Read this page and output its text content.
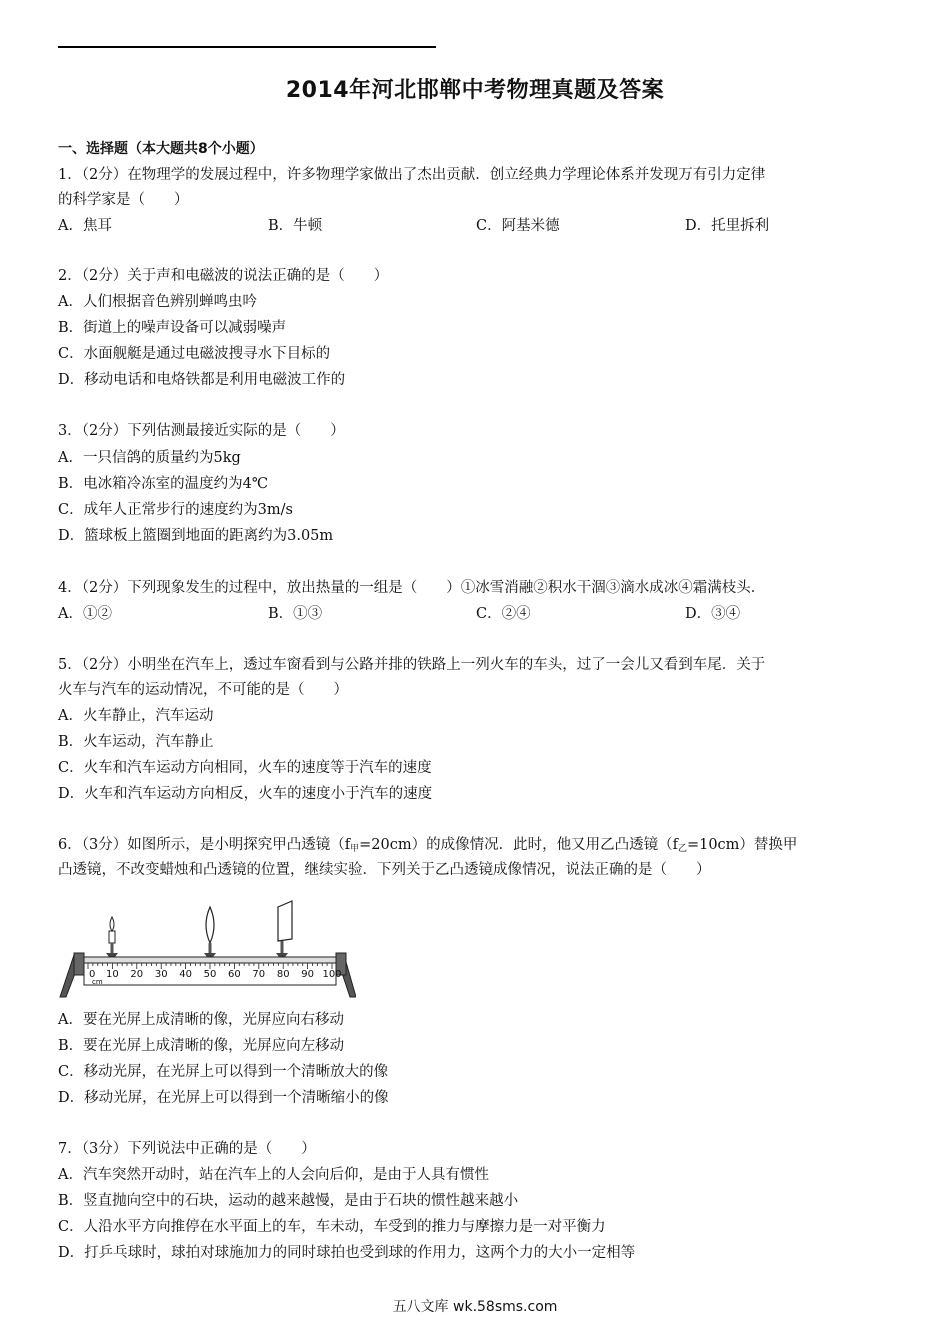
2014年河北邯郸中考物理真题及答案
一、选择题（本大题共8个小题）
1．（2分）在物理学的发展过程中，许多物理学家做出了杰出贡献．创立经典力学理论体系并发现万有引力定律
的科学家是（　　）
A．焦耳	B．牛顿	C．阿基米德	D．托里拆利
2．（2分）关于声和电磁波的说法正确的是（　　）
A．人们根据音色辨别蝉鸣虫吟
B．街道上的噪声设备可以减弱噪声
C．水面舰艇是通过电磁波搜寻水下目标的
D．移动电话和电烙铁都是利用电磁波工作的
3．（2分）下列估测最接近实际的是（　　）
A．一只信鸽的质量约为5kg
B．电冰箱冷冻室的温度约为4℃
C．成年人正常步行的速度约为3m/s
D．篮球板上篮圈到地面的距离约为3.05m
4．（2分）下列现象发生的过程中，放出热量的一组是（　　）①冰雪消融②积水干涸③滴水成冰④霜满枝头．
A．①②	B．①③	C．②④	D．③④
5．（2分）小明坐在汽车上，透过车窗看到与公路并排的铁路上一列火车的车头，过了一会儿又看到车尾．关于
火车与汽车的运动情况，不可能的是（　　）
A．火车静止，汽车运动
B．火车运动，汽车静止
C．火车和汽车运动方向相同，火车的速度等于汽车的速度
D．火车和汽车运动方向相反，火车的速度小于汽车的速度
6．（3分）如图所示，是小明探究甲凸透镜$(f_甲=20cm)$的成像情况．此时，他又用乙凸透镜$(f_乙=10cm)$替换甲
凸透镜，不改变蜡烛和凸透镜的位置，继续实验．下列关于乙凸透镜成像情况，说法正确的是（　　）
0 10 20 30 40 50 60 70 80 90 100
cm
A．要在光屏上成清晰的像，光屏应向右移动
B．要在光屏上成清晰的像，光屏应向左移动
C．移动光屏，在光屏上可以得到一个清晰放大的像
D．移动光屏，在光屏上可以得到一个清晰缩小的像
7．（3分）下列说法中正确的是（　　）
A．汽车突然开动时，站在汽车上的人会向后仰，是由于人具有惯性
B．竖直抛向空中的石块，运动的越来越慢，是由于石块的惯性越来越小
C．人沿水平方向推停在水平面上的车，车未动，车受到的推力与摩擦力是一对平衡力
D．打乒乓球时，球拍对球施加力的同时球拍也受到球的作用力，这两个力的大小一定相等
五八文库 wk.58sms.com
